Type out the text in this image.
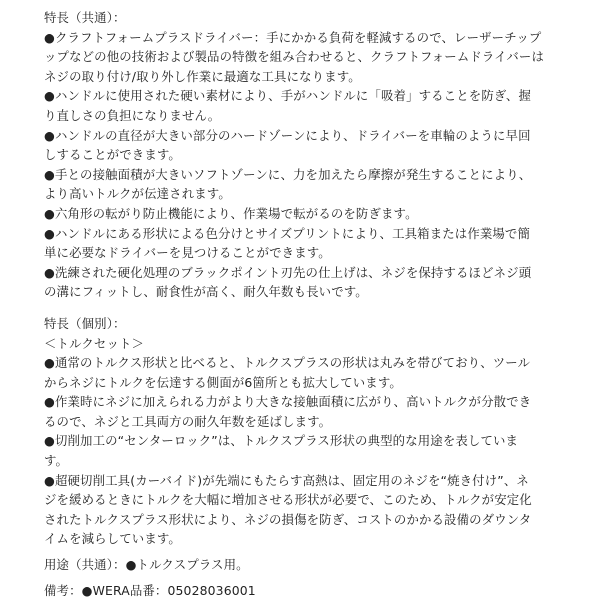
特長（共通）：
●クラフトフォームプラスドライバー：手にかかる負荷を軽減するので、レーザーチップ
ップなどの他の技術および製品の特徴を組み合わせると、クラフトフォームドライバーは
ネジの取り付け/取り外し作業に最適な工具になります。
●ハンドルに使用された硬い素材により、手がハンドルに「吸着」することを防ぎ、握
り直しさの負担になりません。
●ハンドルの直径が大きい部分のハードゾーンにより、ドライバーを車輪のように早回
しすることができます。
●手との接触面積が大きいソフトゾーンに、力を加えたら摩擦が発生することにより、
より高いトルクが伝達されます。
●六角形の転がり防止機能により、作業場で転がるのを防ぎます。
●ハンドルにある形状による色分けとサイズプリントにより、工具箱または作業場で簡
単に必要なドライバーを見つけることができます。
●洗練された硬化処理のブラックポイント刃先の仕上げは、ネジを保持するほどネジ頭
の溝にフィットし、耐食性が高く、耐久年数も長いです。
特長（個別）：
＜トルクセット＞
●通常のトルクス形状と比べると、トルクスプラスの形状は丸みを帯びており、ツール
からネジにトルクを伝達する側面が6箇所とも拡大しています。
●作業時にネジに加えられる力がより大きな接触面積に広がり、高いトルクが分散でき
るので、ネジと工具両方の耐久年数を延ばします。
●切削加工の“センターロック”は、トルクスプラス形状の典型的な用途を表していま
す。
●超硬切削工具(カーバイド)が先端にもたらす高熱は、固定用のネジを“焼き付け”、ネ
ジを緩めるときにトルクを大幅に増加させる形状が必要で、このため、トルクが安定化
されたトルクスプラス形状により、ネジの損傷を防ぎ、コストのかかる設備のダウンタ
イムを減らしています。
用途（共通）：●トルクスプラス用。
備考：●WERA品番：05028036001
